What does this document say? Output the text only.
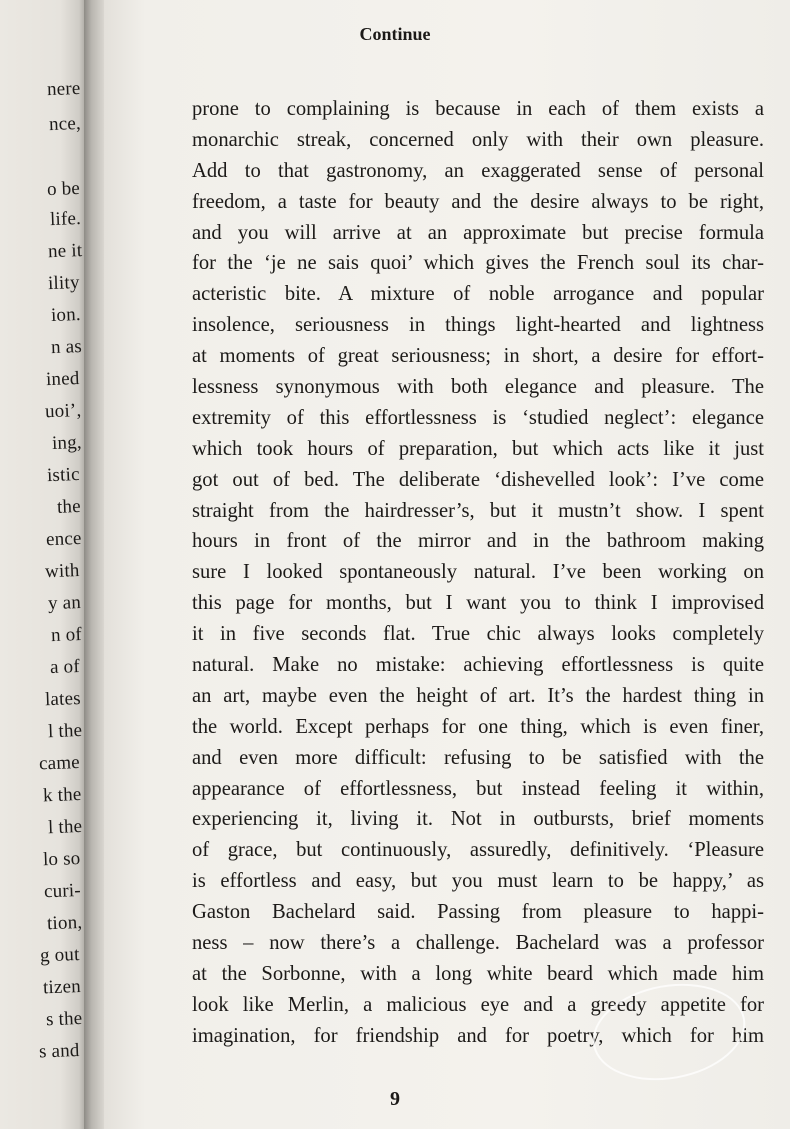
nere
nce,
o be
life.
ne it
ility
ion.
n as
ined
uoi’,
ing,
istic
the
ence
with
y an
n of
a of
lates
l the
came
k the
l the
lo so
curi-
tion,
g out
tizen
s the
s and
Continue
prone to complaining is because in each of them exists a
monarchic streak, concerned only with their own pleasure.
Add to that gastronomy, an exaggerated sense of personal
freedom, a taste for beauty and the desire always to be right,
and you will arrive at an approximate but precise formula
for the ‘je ne sais quoi’ which gives the French soul its char-
acteristic bite. A mixture of noble arrogance and popular
insolence, seriousness in things light-hearted and lightness
at moments of great seriousness; in short, a desire for effort-
lessness synonymous with both elegance and pleasure. The
extremity of this effortlessness is ‘studied neglect’: elegance
which took hours of preparation, but which acts like it just
got out of bed. The deliberate ‘dishevelled look’: I’ve come
straight from the hairdresser’s, but it mustn’t show. I spent
hours in front of the mirror and in the bathroom making
sure I looked spontaneously natural. I’ve been working on
this page for months, but I want you to think I improvised
it in five seconds flat. True chic always looks completely
natural. Make no mistake: achieving effortlessness is quite
an art, maybe even the height of art. It’s the hardest thing in
the world. Except perhaps for one thing, which is even finer,
and even more difficult: refusing to be satisfied with the
appearance of effortlessness, but instead feeling it within,
experiencing it, living it. Not in outbursts, brief moments
of grace, but continuously, assuredly, definitively. ‘Pleasure
is effortless and easy, but you must learn to be happy,’ as
Gaston Bachelard said. Passing from pleasure to happi-
ness – now there’s a challenge. Bachelard was a professor
at the Sorbonne, with a long white beard which made him
look like Merlin, a malicious eye and a greedy appetite for
imagination, for friendship and for poetry, which for him
9
